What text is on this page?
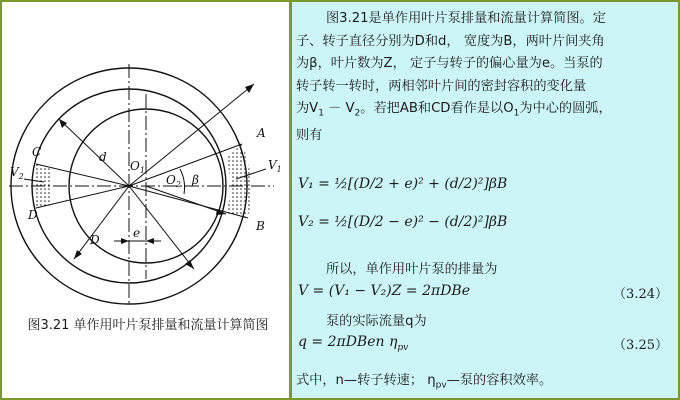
A
B
C
D
$V_1$
$V_2$
d
D	e
$O_1$
$O_2$ β
图3.21 单作用叶片泵排量和流量计算简图

图3.21是单作用叶片泵排量和流量计算简图。定

子、转子直径分别为D和d， 宽度为B，两叶片间夹角

为β，叶片数为Z， 定子与转子的偏心量为e。当泵的

转子转一转时，两相邻叶片间的密封容积的变化量

为$V_1 - V_2$。若把AB和CD看作是以$O_1$为中心的圆弧，

则有

V₁ = ½[(D/2 + e)² + (d/2)²]βB
V₂ = ½[(D/2 − e)² − (d/2)²]βB
所以，单作用叶片泵的排量为
V = (V₁ − V₂)Z = 2πDBe	（3.24）
泵的实际流量q为
q = 2πDBen $\eta_{pv}$	（3.25）
式中，n—转子转速； $\eta_{pv}—$泵的容积效率。
